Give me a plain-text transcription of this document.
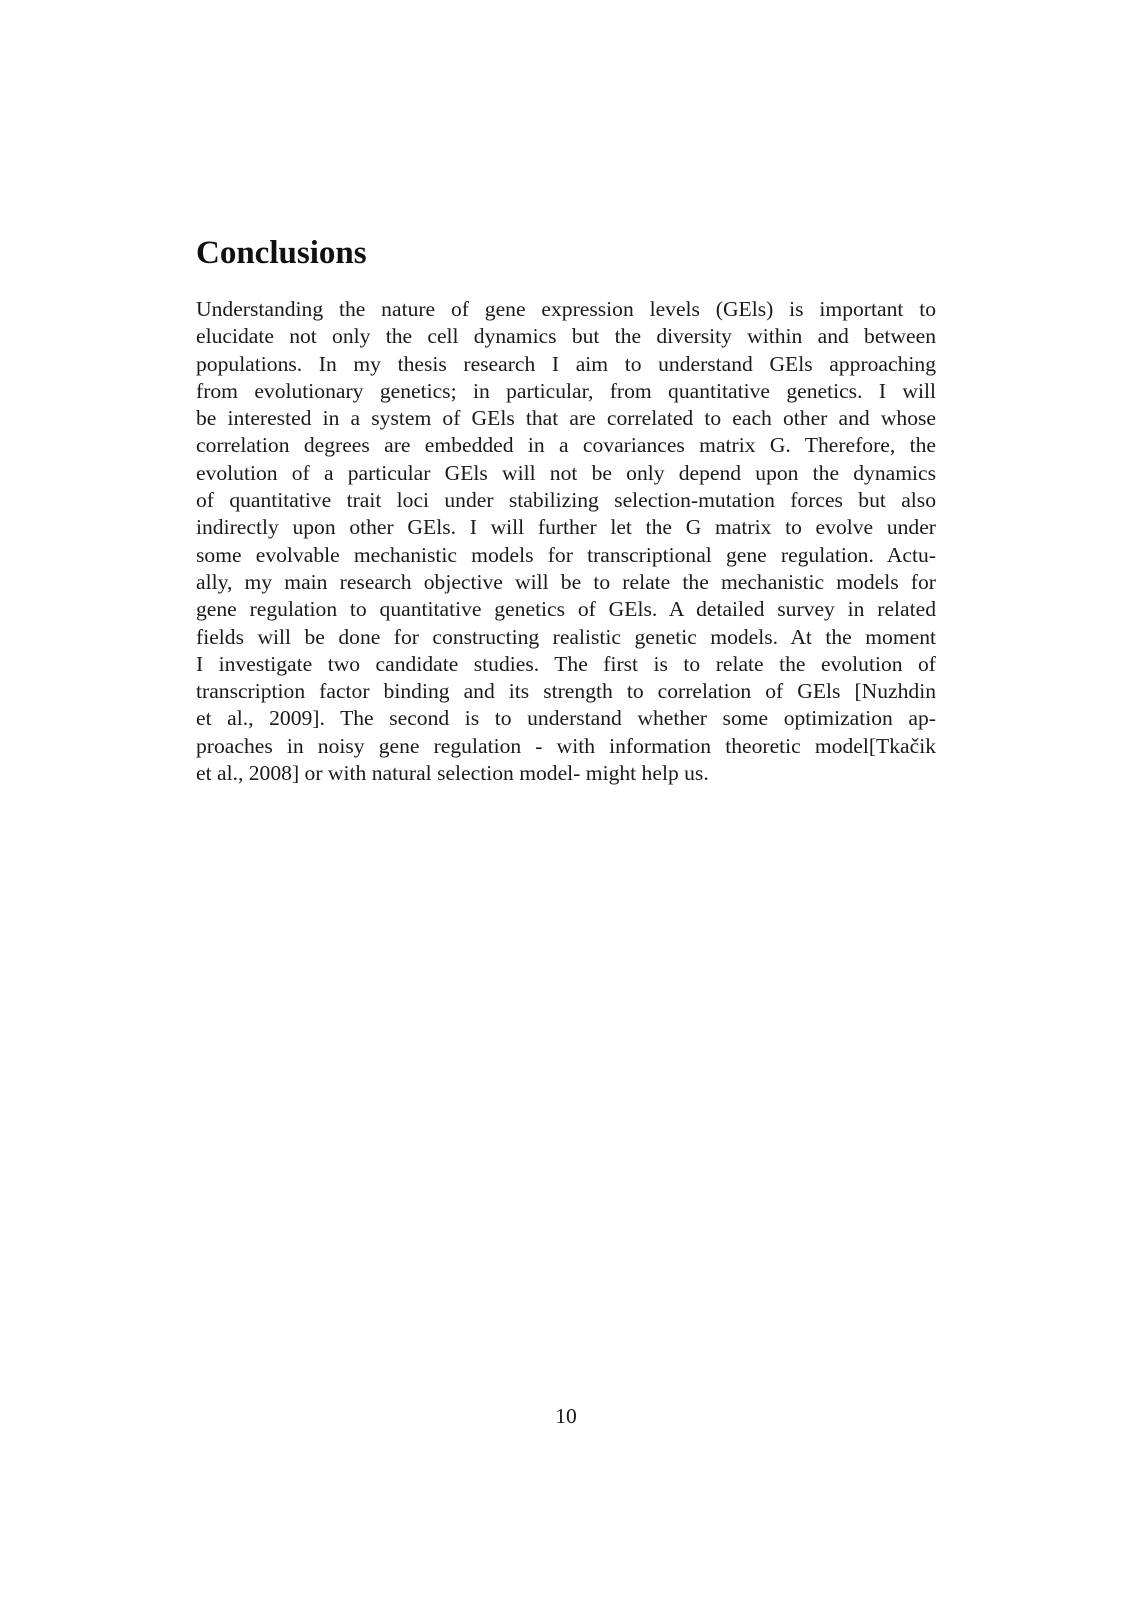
Conclusions
Understanding the nature of gene expression levels (GEls) is important to
elucidate not only the cell dynamics but the diversity within and between
populations. In my thesis research I aim to understand GEls approaching
from evolutionary genetics; in particular, from quantitative genetics. I will
be interested in a system of GEls that are correlated to each other and whose
correlation degrees are embedded in a covariances matrix G. Therefore, the
evolution of a particular GEls will not be only depend upon the dynamics
of quantitative trait loci under stabilizing selection-mutation forces but also
indirectly upon other GEls. I will further let the G matrix to evolve under
some evolvable mechanistic models for transcriptional gene regulation. Actu-
ally, my main research objective will be to relate the mechanistic models for
gene regulation to quantitative genetics of GEls. A detailed survey in related
fields will be done for constructing realistic genetic models. At the moment
I investigate two candidate studies. The first is to relate the evolution of
transcription factor binding and its strength to correlation of GEls [Nuzhdin
et al., 2009]. The second is to understand whether some optimization ap-
proaches in noisy gene regulation - with information theoretic model[Tkačik
et al., 2008] or with natural selection model- might help us.
10
